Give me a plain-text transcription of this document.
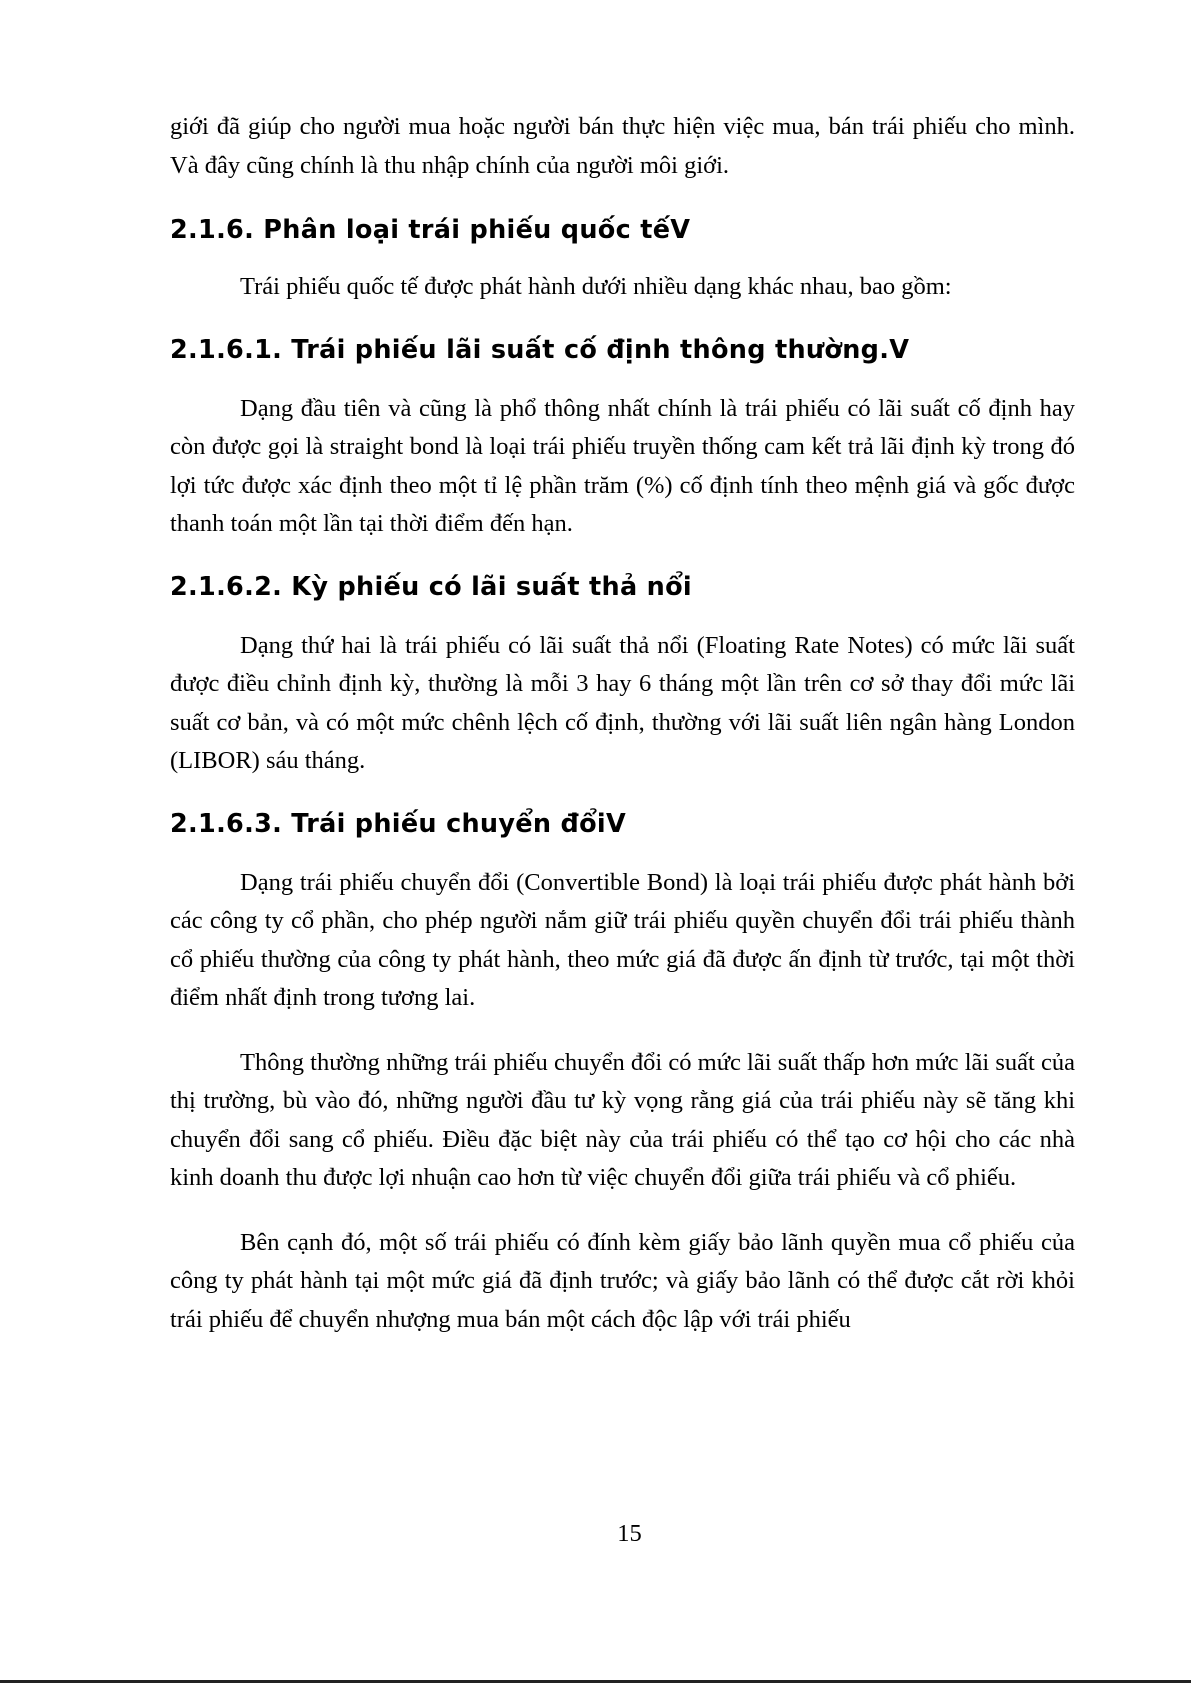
giới đã giúp cho người mua hoặc người bán thực hiện việc mua, bán trái phiếu cho mình. Và đây cũng chính là thu nhập chính của người môi giới.

2.1.6. Phân loại trái phiếu quốc tếV

Trái phiếu quốc tế được phát hành dưới nhiều dạng khác nhau, bao gồm:

2.1.6.1. Trái phiếu lãi suất cố định thông thường.V

Dạng đầu tiên và cũng là phổ thông nhất chính là trái phiếu có lãi suất cố định hay còn được gọi là straight bond là loại trái phiếu truyền thống cam kết trả lãi định kỳ trong đó lợi tức được xác định theo một tỉ lệ phần trăm (%) cố định tính theo mệnh giá và gốc được thanh toán một lần tại thời điểm đến hạn.

2.1.6.2. Kỳ phiếu có lãi suất thả nổi

Dạng thứ hai là trái phiếu có lãi suất thả nổi (Floating Rate Notes) có mức lãi suất được điều chỉnh định kỳ, thường là mỗi 3 hay 6 tháng một lần trên cơ sở thay đổi mức lãi suất cơ bản, và có một mức chênh lệch cố định, thường với lãi suất liên ngân hàng London (LIBOR) sáu tháng.

2.1.6.3. Trái phiếu chuyển đổiV

Dạng trái phiếu chuyển đổi (Convertible Bond) là loại trái phiếu được phát hành bởi các công ty cổ phần, cho phép người nắm giữ trái phiếu quyền chuyển đổi trái phiếu thành cổ phiếu thường của công ty phát hành, theo mức giá đã được ấn định từ trước, tại một thời điểm nhất định trong tương lai.

Thông thường những trái phiếu chuyển đổi có mức lãi suất thấp hơn mức lãi suất của thị trường, bù vào đó, những người đầu tư kỳ vọng rằng giá của trái phiếu này sẽ tăng khi chuyển đổi sang cổ phiếu. Điều đặc biệt này của trái phiếu có thể tạo cơ hội cho các nhà kinh doanh thu được lợi nhuận cao hơn từ việc chuyển đổi giữa trái phiếu và cổ phiếu.

Bên cạnh đó, một số trái phiếu có đính kèm giấy bảo lãnh quyền mua cổ phiếu của công ty phát hành tại một mức giá đã định trước; và giấy bảo lãnh có thể được cắt rời khỏi trái phiếu để chuyển nhượng mua bán một cách độc lập với trái phiếu

15
